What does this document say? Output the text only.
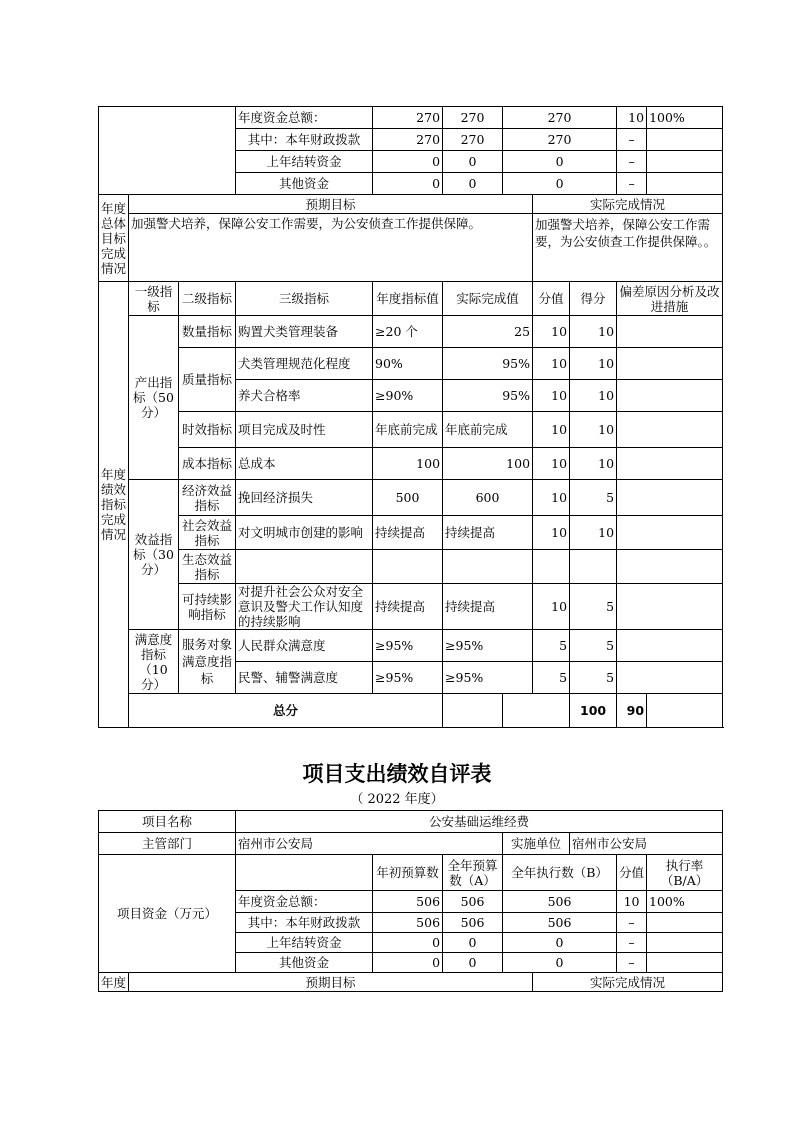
			年度资金总额：	270	270	270			10	100%	
			其中：本年财政拨款	270	270	270			–		
			上年结转资金	0	0	0			–		
			其他资金	0	0	0			–		
年度总体目标完成情况	预期目标						实际完成情况				
	加强警犬培养，保障公安工作需要，为公安侦查工作提供保障。						加强警犬培养，保障公安工作需要，为公安侦查工作提供保障。。				
年度绩效指标完成情况	一级指标	二级指标	三级指标	年度指标值	实际完成值		分值	得分	偏差原因分析及改进措施		
	产出指标（50分）	数量指标	购置犬类管理装备	≥20 个	25		10	10			
		质量指标	犬类管理规范化程度	90%	95%		10	10			
			养犬合格率	≥90%	95%		10	10			
		时效指标	项目完成及时性	年底前完成	年底前完成		10	10			
		成本指标	总成本	100	100		10	10			
	效益指标（30分）	经济效益指标	挽回经济损失	500	600		10	5			
		社会效益指标	对文明城市创建的影响	持续提高	持续提高		10	10			
		生态效益指标									
		可持续影响指标	对提升社会公众对安全意识及警犬工作认知度的持续影响	持续提高	持续提高		10	5			
	满意度指标（10分）	服务对象满意度指标	人民群众满意度	≥95%	≥95%		5	5			
			民警、辅警满意度	≥95%	≥95%		5	5			
	总分							100	90		
项目支出绩效自评表
（ 2022 年度）
项目名称		公安基础运维经费								
主管部门		宿州市公安局			实施单位		宿州市公安局			
项目资金（万元）			年初预算数	全年预算数（A）	全年执行数（B）			分值	执行率（B/A）	
		年度资金总额：	506	506	506			10	100%	
		其中：本年财政拨款	506	506	506			–		
		上年结转资金	0	0	0			–		
		其他资金	0	0	0			–		
年度	预期目标					实际完成情况				
